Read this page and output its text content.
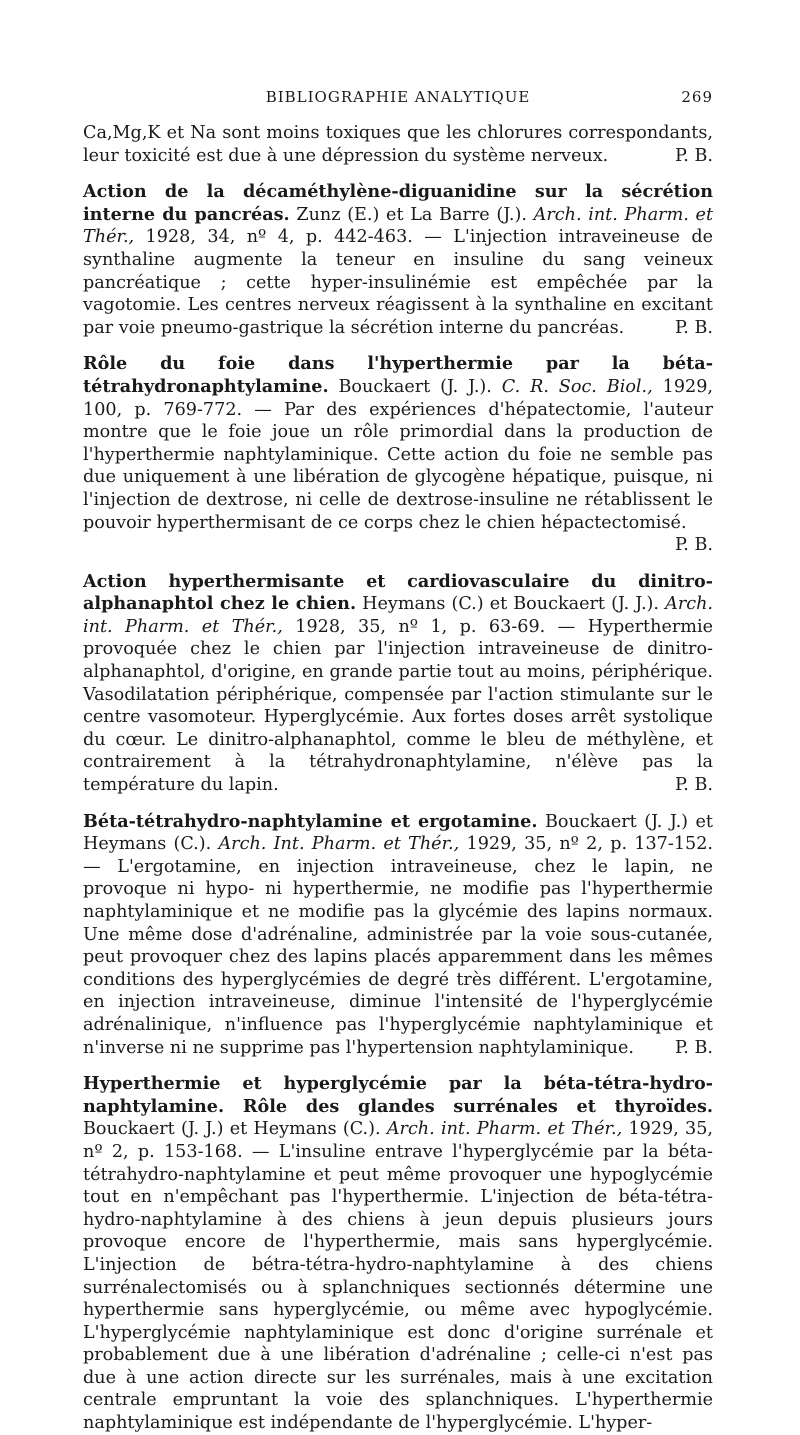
BIBLIOGRAPHIE ANALYTIQUE	269

Ca,Mg,K et Na sont moins toxiques que les chlorures correspondants, leur toxicité est due à une dépression du système nerveux.	P. B.

Action de la décaméthylène-diguanidine sur la sécrétion interne du pancréas. Zunz (E.) et La Barre (J.). Arch. int. Pharm. et Thér., 1928, 34, nº 4, p. 442-463. — L'injection intraveineuse de synthaline augmente la teneur en insuline du sang veineux pancréatique ; cette hyper-insulinémie est empêchée par la vagotomie. Les centres nerveux réagissent à la synthaline en excitant par voie pneumo-gastrique la sécrétion interne du pancréas.	P. B.

Rôle du foie dans l'hyperthermie par la béta-tétrahydronaphtylamine. Bouckaert (J. J.). C. R. Soc. Biol., 1929, 100, p. 769-772. — Par des expériences d'hépatectomie, l'auteur montre que le foie joue un rôle primordial dans la production de l'hyperthermie naphtylaminique. Cette action du foie ne semble pas due uniquement à une libération de glycogène hépatique, puisque, ni l'injection de dextrose, ni celle de dextrose-insuline ne rétablissent le pouvoir hyperthermisant de ce corps chez le chien hépactectomisé.
P. B.

Action hyperthermisante et cardiovasculaire du dinitro-alphanaphtol chez le chien. Heymans (C.) et Bouckaert (J. J.). Arch. int. Pharm. et Thér., 1928, 35, nº 1, p. 63-69. — Hyperthermie provoquée chez le chien par l'injection intraveineuse de dinitro-alphanaphtol, d'origine, en grande partie tout au moins, périphérique. Vasodilatation périphérique, compensée par l'action stimulante sur le centre vasomoteur. Hyperglycémie. Aux fortes doses arrêt systolique du cœur. Le dinitro-alphanaphtol, comme le bleu de méthylène, et contrairement à la tétrahydronaphtylamine, n'élève pas la température du lapin.	P. B.

Béta-tétrahydro-naphtylamine et ergotamine. Bouckaert (J. J.) et Heymans (C.). Arch. Int. Pharm. et Thér., 1929, 35, nº 2, p. 137-152. — L'ergotamine, en injection intraveineuse, chez le lapin, ne provoque ni hypo- ni hyperthermie, ne modifie pas l'hyperthermie naphtylaminique et ne modifie pas la glycémie des lapins normaux. Une même dose d'adrénaline, administrée par la voie sous-cutanée, peut provoquer chez des lapins placés apparemment dans les mêmes conditions des hyperglycémies de degré très différent. L'ergotamine, en injection intraveineuse, diminue l'intensité de l'hyperglycémie adrénalinique, n'influence pas l'hyperglycémie naphtylaminique et n'inverse ni ne supprime pas l'hypertension naphtylaminique. P. B.

Hyperthermie et hyperglycémie par la béta-tétra-hydro-naphtylamine. Rôle des glandes surrénales et thyroïdes. Bouckaert (J. J.) et Heymans (C.). Arch. int. Pharm. et Thér., 1929, 35, nº 2, p. 153-168. — L'insuline entrave l'hyperglycémie par la béta-tétrahydro-naphtylamine et peut même provoquer une hypoglycémie tout en n'empêchant pas l'hyperthermie. L'injection de béta-tétra-hydro-naphtylamine à des chiens à jeun depuis plusieurs jours provoque encore de l'hyperthermie, mais sans hyperglycémie. L'injection de bétra-tétra-hydro-naphtylamine à des chiens surrénalectomisés ou à splanchniques sectionnés détermine une hyperthermie sans hyperglycémie, ou même avec hypoglycémie. L'hyperglycémie naphtylaminique est donc d'origine surrénale et probablement due à une libération d'adrénaline ; celle-ci n'est pas due à une action directe sur les surrénales, mais à une excitation centrale empruntant la voie des splanchniques. L'hyperthermie naphtylaminique est indépendante de l'hyperglycémie. L'hyper-
